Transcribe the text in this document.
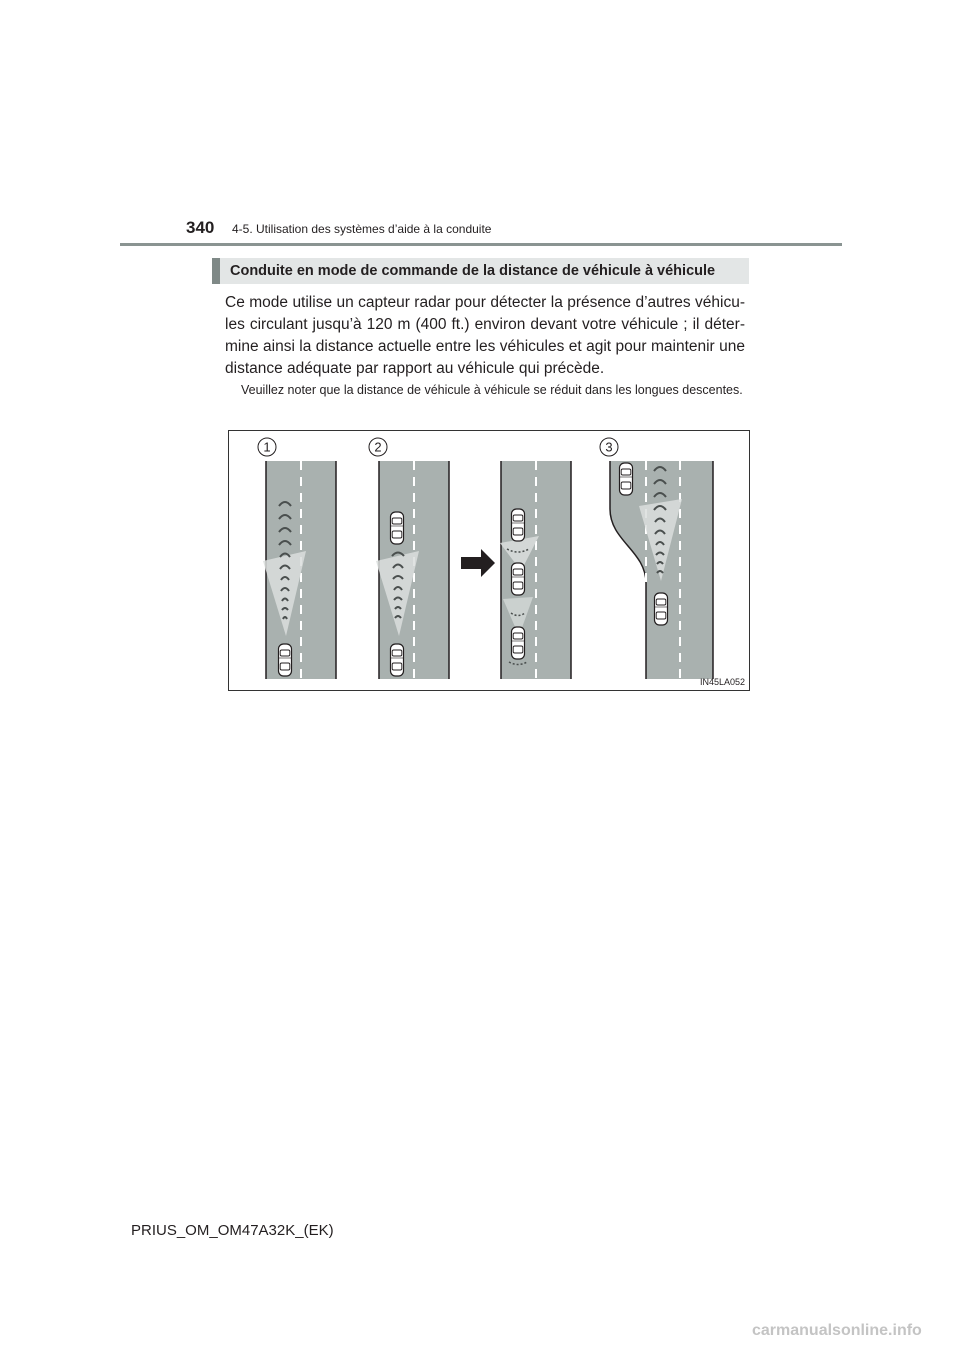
340 4-5. Utilisation des systèmes d’aide à la conduite
Conduite en mode de commande de la distance de véhicule à véhicule

Ce mode utilise un capteur radar pour détecter la présence d’autres véhicu-les circulant jusqu’à 120 m (400 ft.) environ devant votre véhicule ; il déter-mine ainsi la distance actuelle entre les véhicules et agit pour maintenir une distance adéquate par rapport au véhicule qui précède.

Veuillez noter que la distance de véhicule à véhicule se réduit dans les longues descentes.

1	2	3
IN45LA052
PRIUS_OM_OM47A32K_(EK)
carmanualsonline.info
